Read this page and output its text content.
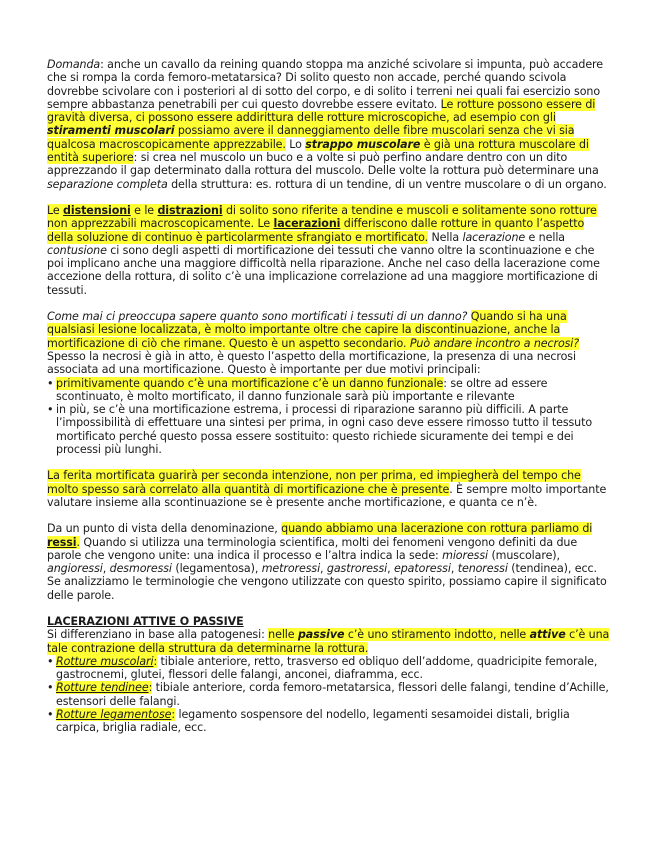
Domanda: anche un cavallo da reining quando stoppa ma anziché scivolare si impunta, può accadere che si rompa la corda femoro-metatarsica? Di solito questo non accade, perché quando scivola dovrebbe scivolare con i posteriori al di sotto del corpo, e di solito i terreni nei quali fai esercizio sono sempre abbastanza penetrabili per cui questo dovrebbe essere evitato. Le rotture possono essere di gravità diversa, ci possono essere addirittura delle rotture microscopiche, ad esempio con gli stiramenti muscolari possiamo avere il danneggiamento delle fibre muscolari senza che vi sia qualcosa macroscopicamente apprezzabile. Lo strappo muscolare è già una rottura muscolare di entità superiore: si crea nel muscolo un buco e a volte si può perfino andare dentro con un dito apprezzando il gap determinato dalla rottura del muscolo. Delle volte la rottura può determinare una separazione completa della struttura: es. rottura di un tendine, di un ventre muscolare o di un organo.

Le distensioni e le distrazioni di solito sono riferite a tendine e muscoli e solitamente sono rotture non apprezzabili macroscopicamente. Le lacerazioni differiscono dalle rotture in quanto l’aspetto della soluzione di continuo è particolarmente sfrangiato e mortificato. Nella lacerazione e nella contusione ci sono degli aspetti di mortificazione dei tessuti che vanno oltre la scontinuazione e che poi implicano anche una maggiore difficoltà nella riparazione. Anche nel caso della lacerazione come accezione della rottura, di solito c’è una implicazione correlazione ad una maggiore mortificazione di tessuti.

Come mai ci preoccupa sapere quanto sono mortificati i tessuti di un danno? Quando si ha una qualsiasi lesione localizzata, è molto importante oltre che capire la discontinuazione, anche la mortificazione di ciò che rimane. Questo è un aspetto secondario. Può andare incontro a necrosi? Spesso la necrosi è già in atto, è questo l’aspetto della mortificazione, la presenza di una necrosi associata ad una mortificazione. Questo è importante per due motivi principali:
• primitivamente quando c’è una mortificazione c’è un danno funzionale: se oltre ad essere scontinuato, è molto mortificato, il danno funzionale sarà più importante e rilevante
• in più, se c’è una mortificazione estrema, i processi di riparazione saranno più difficili. A parte l’impossibilità di effettuare una sintesi per prima, in ogni caso deve essere rimosso tutto il tessuto mortificato perché questo possa essere sostituito: questo richiede sicuramente dei tempi e dei processi più lunghi.

La ferita mortificata guarirà per seconda intenzione, non per prima, ed impiegherà del tempo che molto spesso sarà correlato alla quantità di mortificazione che è presente. È sempre molto importante valutare insieme alla scontinuazione se è presente anche mortificazione, e quanta ce n’è.

Da un punto di vista della denominazione, quando abbiamo una lacerazione con rottura parliamo di ressi. Quando si utilizza una terminologia scientifica, molti dei fenomeni vengono definiti da due parole che vengono unite: una indica il processo e l’altra indica la sede: mioressi (muscolare), angioressi, desmoressi (legamentosa), metroressi, gastroressi, epatoressi, tenoressi (tendinea), ecc. Se analizziamo le terminologie che vengono utilizzate con questo spirito, possiamo capire il significato delle parole.

LACERAZIONI ATTIVE O PASSIVE

Si differenziano in base alla patogenesi: nelle passive c’è uno stiramento indotto, nelle attive c’è una tale contrazione della struttura da determinarne la rottura.
• Rotture muscolari: tibiale anteriore, retto, trasverso ed obliquo dell’addome, quadricipite femorale, gastrocnemi, glutei, flessori delle falangi, anconei, diaframma, ecc.
• Rotture tendinee: tibiale anteriore, corda femoro-metatarsica, flessori delle falangi, tendine d’Achille, estensori delle falangi.
• Rotture legamentose: legamento sospensore del nodello, legamenti sesamoidei distali, briglia carpica, briglia radiale, ecc.
